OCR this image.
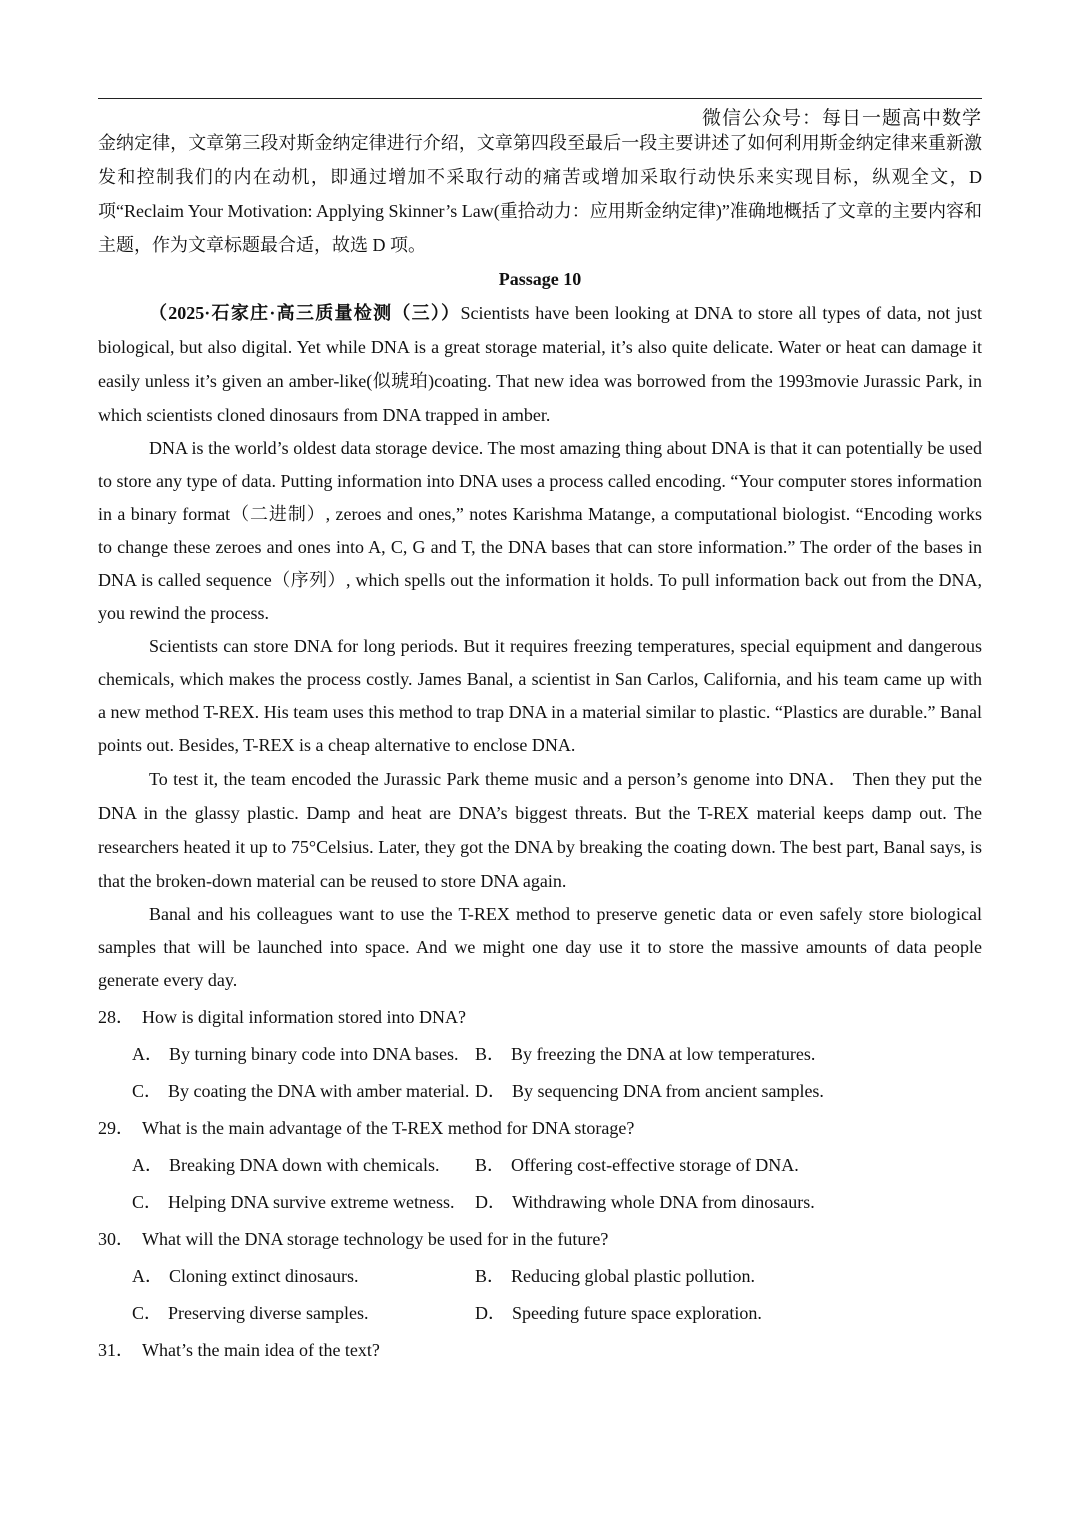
微信公众号：每日一题高中数学

金纳定律，文章第三段对斯金纳定律进行介绍，文章第四段至最后一段主要讲述了如何利用斯金纳定律来重新激发和控制我们的内在动机，即通过增加不采取行动的痛苦或增加采取行动快乐来实现目标，纵观全文，D 项“Reclaim Your Motivation: Applying Skinner’s Law(重拾动力：应用斯金纳定律)”准确地概括了文章的主要内容和主题，作为文章标题最合适，故选 D 项。

Passage 10

（2025·石家庄·高三质量检测（三））Scientists have been looking at DNA to store all types of data, not just biological, but also digital. Yet while DNA is a great storage material, it’s also quite delicate. Water or heat can damage it easily unless it’s given an amber-like(似琥珀)coating. That new idea was borrowed from the 1993movie Jurassic Park, in which scientists cloned dinosaurs from DNA trapped in amber.

DNA is the world’s oldest data storage device. The most amazing thing about DNA is that it can potentially be used to store any type of data. Putting information into DNA uses a process called encoding. “Your computer stores information in a binary format（二进制）, zeroes and ones,” notes Karishma Matange, a computational biologist. “Encoding works to change these zeroes and ones into A, C, G and T, the DNA bases that can store information.” The order of the bases in DNA is called sequence（序列）, which spells out the information it holds. To pull information back out from the DNA, you rewind the process.

Scientists can store DNA for long periods. But it requires freezing temperatures, special equipment and dangerous chemicals, which makes the process costly. James Banal, a scientist in San Carlos, California, and his team came up with a new method T-REX. His team uses this method to trap DNA in a material similar to plastic. “Plastics are durable.” Banal points out. Besides, T-REX is a cheap alternative to enclose DNA.

To test it, the team encoded the Jurassic Park theme music and a person’s genome into DNA． Then they put the DNA in the glassy plastic. Damp and heat are DNA’s biggest threats. But the T-REX material keeps damp out. The researchers heated it up to 75°Celsius. Later, they got the DNA by breaking the coating down. The best part, Banal says, is that the broken-down material can be reused to store DNA again.

Banal and his colleagues want to use the T-REX method to preserve genetic data or even safely store biological samples that will be launched into space. And we might one day use it to store the massive amounts of data people generate every day.

28． How is digital information stored into DNA?
A． By turning binary code into DNA bases. B． By freezing the DNA at low temperatures.
C． By coating the DNA with amber material. D． By sequencing DNA from ancient samples.
29． What is the main advantage of the T-REX method for DNA storage?
A． Breaking DNA down with chemicals.	B． Offering cost-effective storage of DNA.
C． Helping DNA survive extreme wetness.	D． Withdrawing whole DNA from dinosaurs.
30． What will the DNA storage technology be used for in the future?
A． Cloning extinct dinosaurs.	B． Reducing global plastic pollution.
C． Preserving diverse samples.	D． Speeding future space exploration.
31． What’s the main idea of the text?
